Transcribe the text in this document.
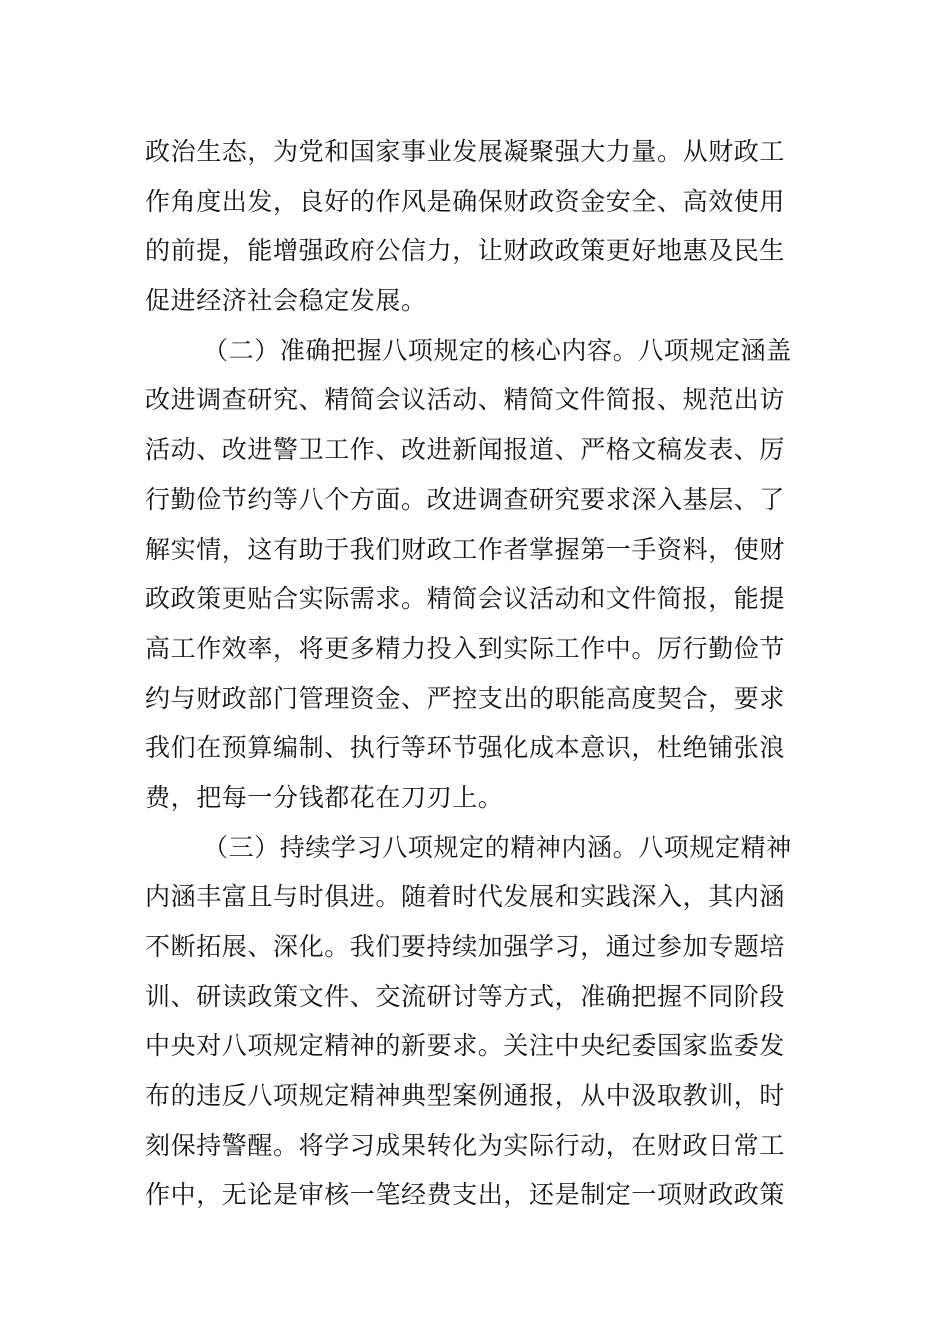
政治生态，为党和国家事业发展凝聚强大力量。从财政工
作角度出发，良好的作风是确保财政资金安全、高效使用
的前提，能增强政府公信力，让财政政策更好地惠及民生
促进经济社会稳定发展。
（二）准确把握八项规定的核心内容。八项规定涵盖
改进调查研究、精简会议活动、精简文件简报、规范出访
活动、改进警卫工作、改进新闻报道、严格文稿发表、厉
行勤俭节约等八个方面。改进调查研究要求深入基层、了
解实情，这有助于我们财政工作者掌握第一手资料，使财
政政策更贴合实际需求。精简会议活动和文件简报，能提
高工作效率，将更多精力投入到实际工作中。厉行勤俭节
约与财政部门管理资金、严控支出的职能高度契合，要求
我们在预算编制、执行等环节强化成本意识，杜绝铺张浪
费，把每一分钱都花在刀刃上。
（三）持续学习八项规定的精神内涵。八项规定精神
内涵丰富且与时俱进。随着时代发展和实践深入，其内涵
不断拓展、深化。我们要持续加强学习，通过参加专题培
训、研读政策文件、交流研讨等方式，准确把握不同阶段
中央对八项规定精神的新要求。关注中央纪委国家监委发
布的违反八项规定精神典型案例通报，从中汲取教训，时
刻保持警醒。将学习成果转化为实际行动，在财政日常工
作中，无论是审核一笔经费支出，还是制定一项财政政策
